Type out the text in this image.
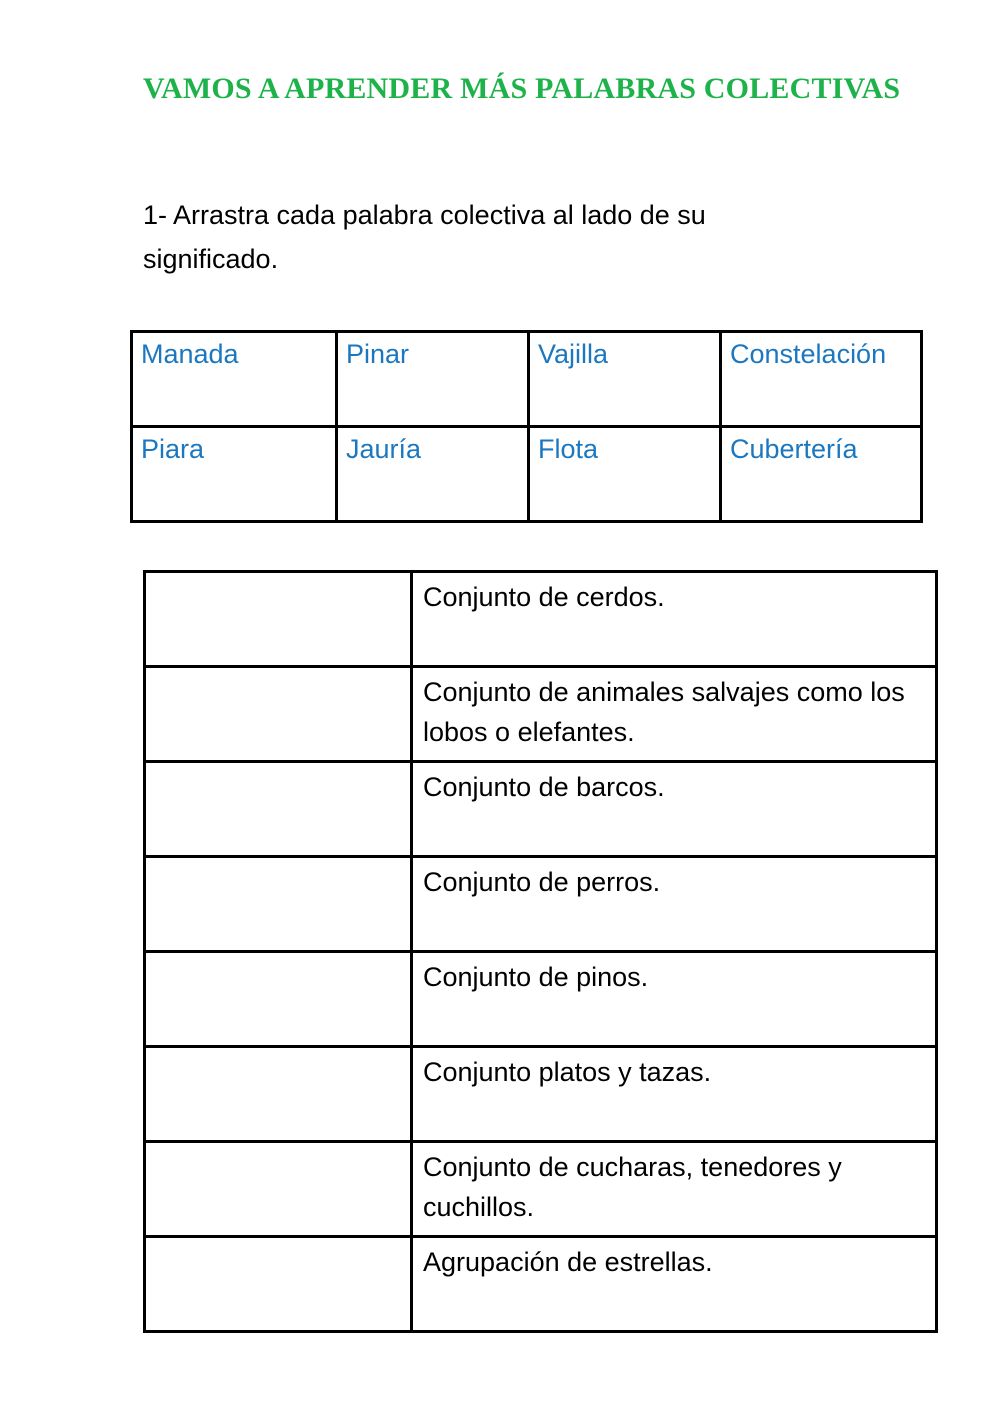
VAMOS A APRENDER MÁS PALABRAS COLECTIVAS

1- Arrastra cada palabra colectiva al lado de su significado.

Manada	Pinar	Vajilla	Constelación
Piara	Jauría	Flota	Cubertería
	Conjunto de cerdos.
	Conjunto de animales salvajes como los lobos o elefantes.
	Conjunto de barcos.
	Conjunto de perros.
	Conjunto de pinos.
	Conjunto platos y tazas.
	Conjunto de cucharas, tenedores y cuchillos.
	Agrupación de estrellas.
